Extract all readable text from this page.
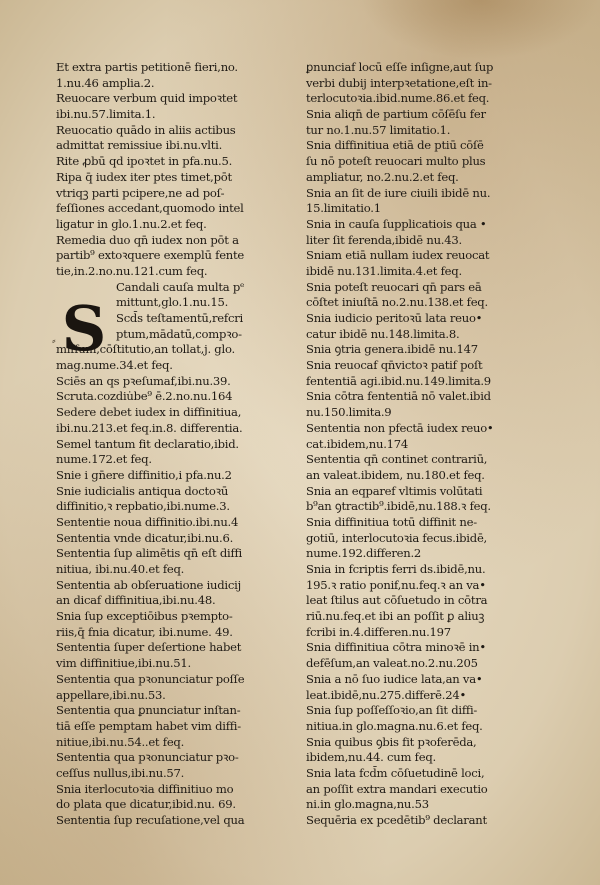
Et extra partis petitionē fieri,no.
1.nu.46 amplia.2.
Reuocare verbum quid impoꝛtet
ibi.nu.57.limita.1.
Reuocatio quādo in aliis actibus
admittat remissiue ibi.nu.vlti.
Rite ꝓbū qd ipoꝛtet in pfa.nu.5.
Ripa q̄ iudex iter ptes timet,pōt
vtriqꝫ parti pcipere,ne ad poſ-
feſſiones accedant,quomodo intel
ligatur in glo.1.nu.2.et feq.
Remedia duo qn̄ iudex non pōt a
partib⁹ extoꝛquere exemplū fente
tie,in.2.no.nu.121.cum feq.
Candali cauſa multa pᵉ
mittunt,glo.1.nu.15.
Scd̄s teſtamentū,refcri
ptum,mādatū,compꝛo-
miſſum,cōſtitutio,an tollat,j. glo.
mag.nume.34.et feq.
Sciēs an qs pꝛeſumaf,ibi.nu.39.
Scruta.cozdiu̇be⁹ ē.2.no.nu.164
Sedere debet iudex in diffinitiua,
ibi.nu.213.et feq.in.8. differentia.
Semel tantum fit declaratio,ibid.
nume.172.et feq.
Snie i gn̄ere diffinitio,i pfa.nu.2
Snie iudicialis antiqua doctoꝛū
diffinitio,ꝛ repbatio,ibi.nume.3.
Sententie noua diffinitio.ibi.nu.4
Sententia vnde dicatur,ibi.nu.6.
Sententia ſup alimētis qn̄ eſt diffi
nitiua, ibi.nu.40.et feq.
Sententia ab obſeruatione iudicij
an dicaf diffinitiua,ibi.nu.48.
Snia ſup exceptiōibus pꝛempto-
riis,q̄ fnia dicatur, ibi.nume. 49.
Sententia ſuper deſertione habet
vim diffinitiue,ibi.nu.51.
Sententia qua pꝛonunciatur poſſe
appellare,ibi.nu.53.
Sententia qua ꝑnunciatur inſtan-
tiā eſſe pemptam habet vim diffi-
nitiue,ibi.nu.54..et feq.
Sententia qua pꝛonunciatur pꝛo-
ceſſus nullus,ibi.nu.57.
Snia iterlocutoꝛia diffinitiuo mo
do plata que dicatur,ibid.nu. 69.
Sententia ſup recuſatione,vel qua
ꝑnunciaf locū eſſe inſigne,aut ſup
verbi dubij interpꝛetatione,eſt in-
terlocutoꝛia.ibid.nume.86.et feq.
Snia aliqn̄ de partium cōſēſu fer
tur no.1.nu.57 limitatio.1.
Snia diffinitiua etiā de ptiū cōſē
ſu nō poteſt reuocari multo plus
ampliatur, no.2.nu.2.et feq.
Snia an ſit de iure ciuili ibidē nu.
15.limitatio.1
Snia in cauſa ſupplicatiois qua •
liter ſit ferenda,ibidē nu.43.
Sniam etiā nullam iudex reuocat
ibidē nu.131.limita.4.et feq.
Snia poteſt reuocari qn̄ pars eā
cōſtet iniuſtā no.2.nu.138.et feq.
Snia iudicio peritoꝛū lata reuo•
catur ibidē nu.148.limita.8.
Snia ꝯtria genera.ibidē nu.147
Snia reuocaf qn̄victoꝛ patif poſt
fententiā agi.ibid.nu.149.limita.9
Snia cōtra fententiā nō valet.ibid
nu.150.limita.9
Sententia non pfectā iudex reuo•
cat.ibidem,nu.174
Sententia qn̄ continet contrariū,
an valeat.ibidem, nu.180.et feq.
Snia an eqparef vltimis volūtati
b⁹an ꝯtractib⁹.ibidē,nu.188.ꝛ feq.
Snia diffinitiua totū diffinit ne-
gotiū, interlocutoꝛia fecus.ibidē,
nume.192.differen.2
Snia in fcriptis ferri ds.ibidē,nu.
195.ꝛ ratio ponif,nu.feq.ꝛ an va•
leat ſtilus aut cōſuetudo in cōtra
riū.nu.feq.et ibi an poſſit ꝑ aliuꝫ
fcribi in.4.differen.nu.197
Snia diffinitiua cōtra minoꝛē in•
defēſum,an valeat.no.2.nu.205
Snia a nō ſuo iudice lata,an va•
leat.ibidē,nu.275.differē.24•
Snia ſup poſſeſſoꝛio,an ſit diffi-
nitiua.in glo.magna.nu.6.et feq.
Snia quibus ꝯbis fit pꝛoferēda,
ibidem,nu.44. cum feq.
Snia lata fcd̄m cōſuetudinē loci,
an poſſit extra mandari executio
ni.in glo.magna,nu.53
Sequēria ex pcedētib⁹ declarant
S
⸗
